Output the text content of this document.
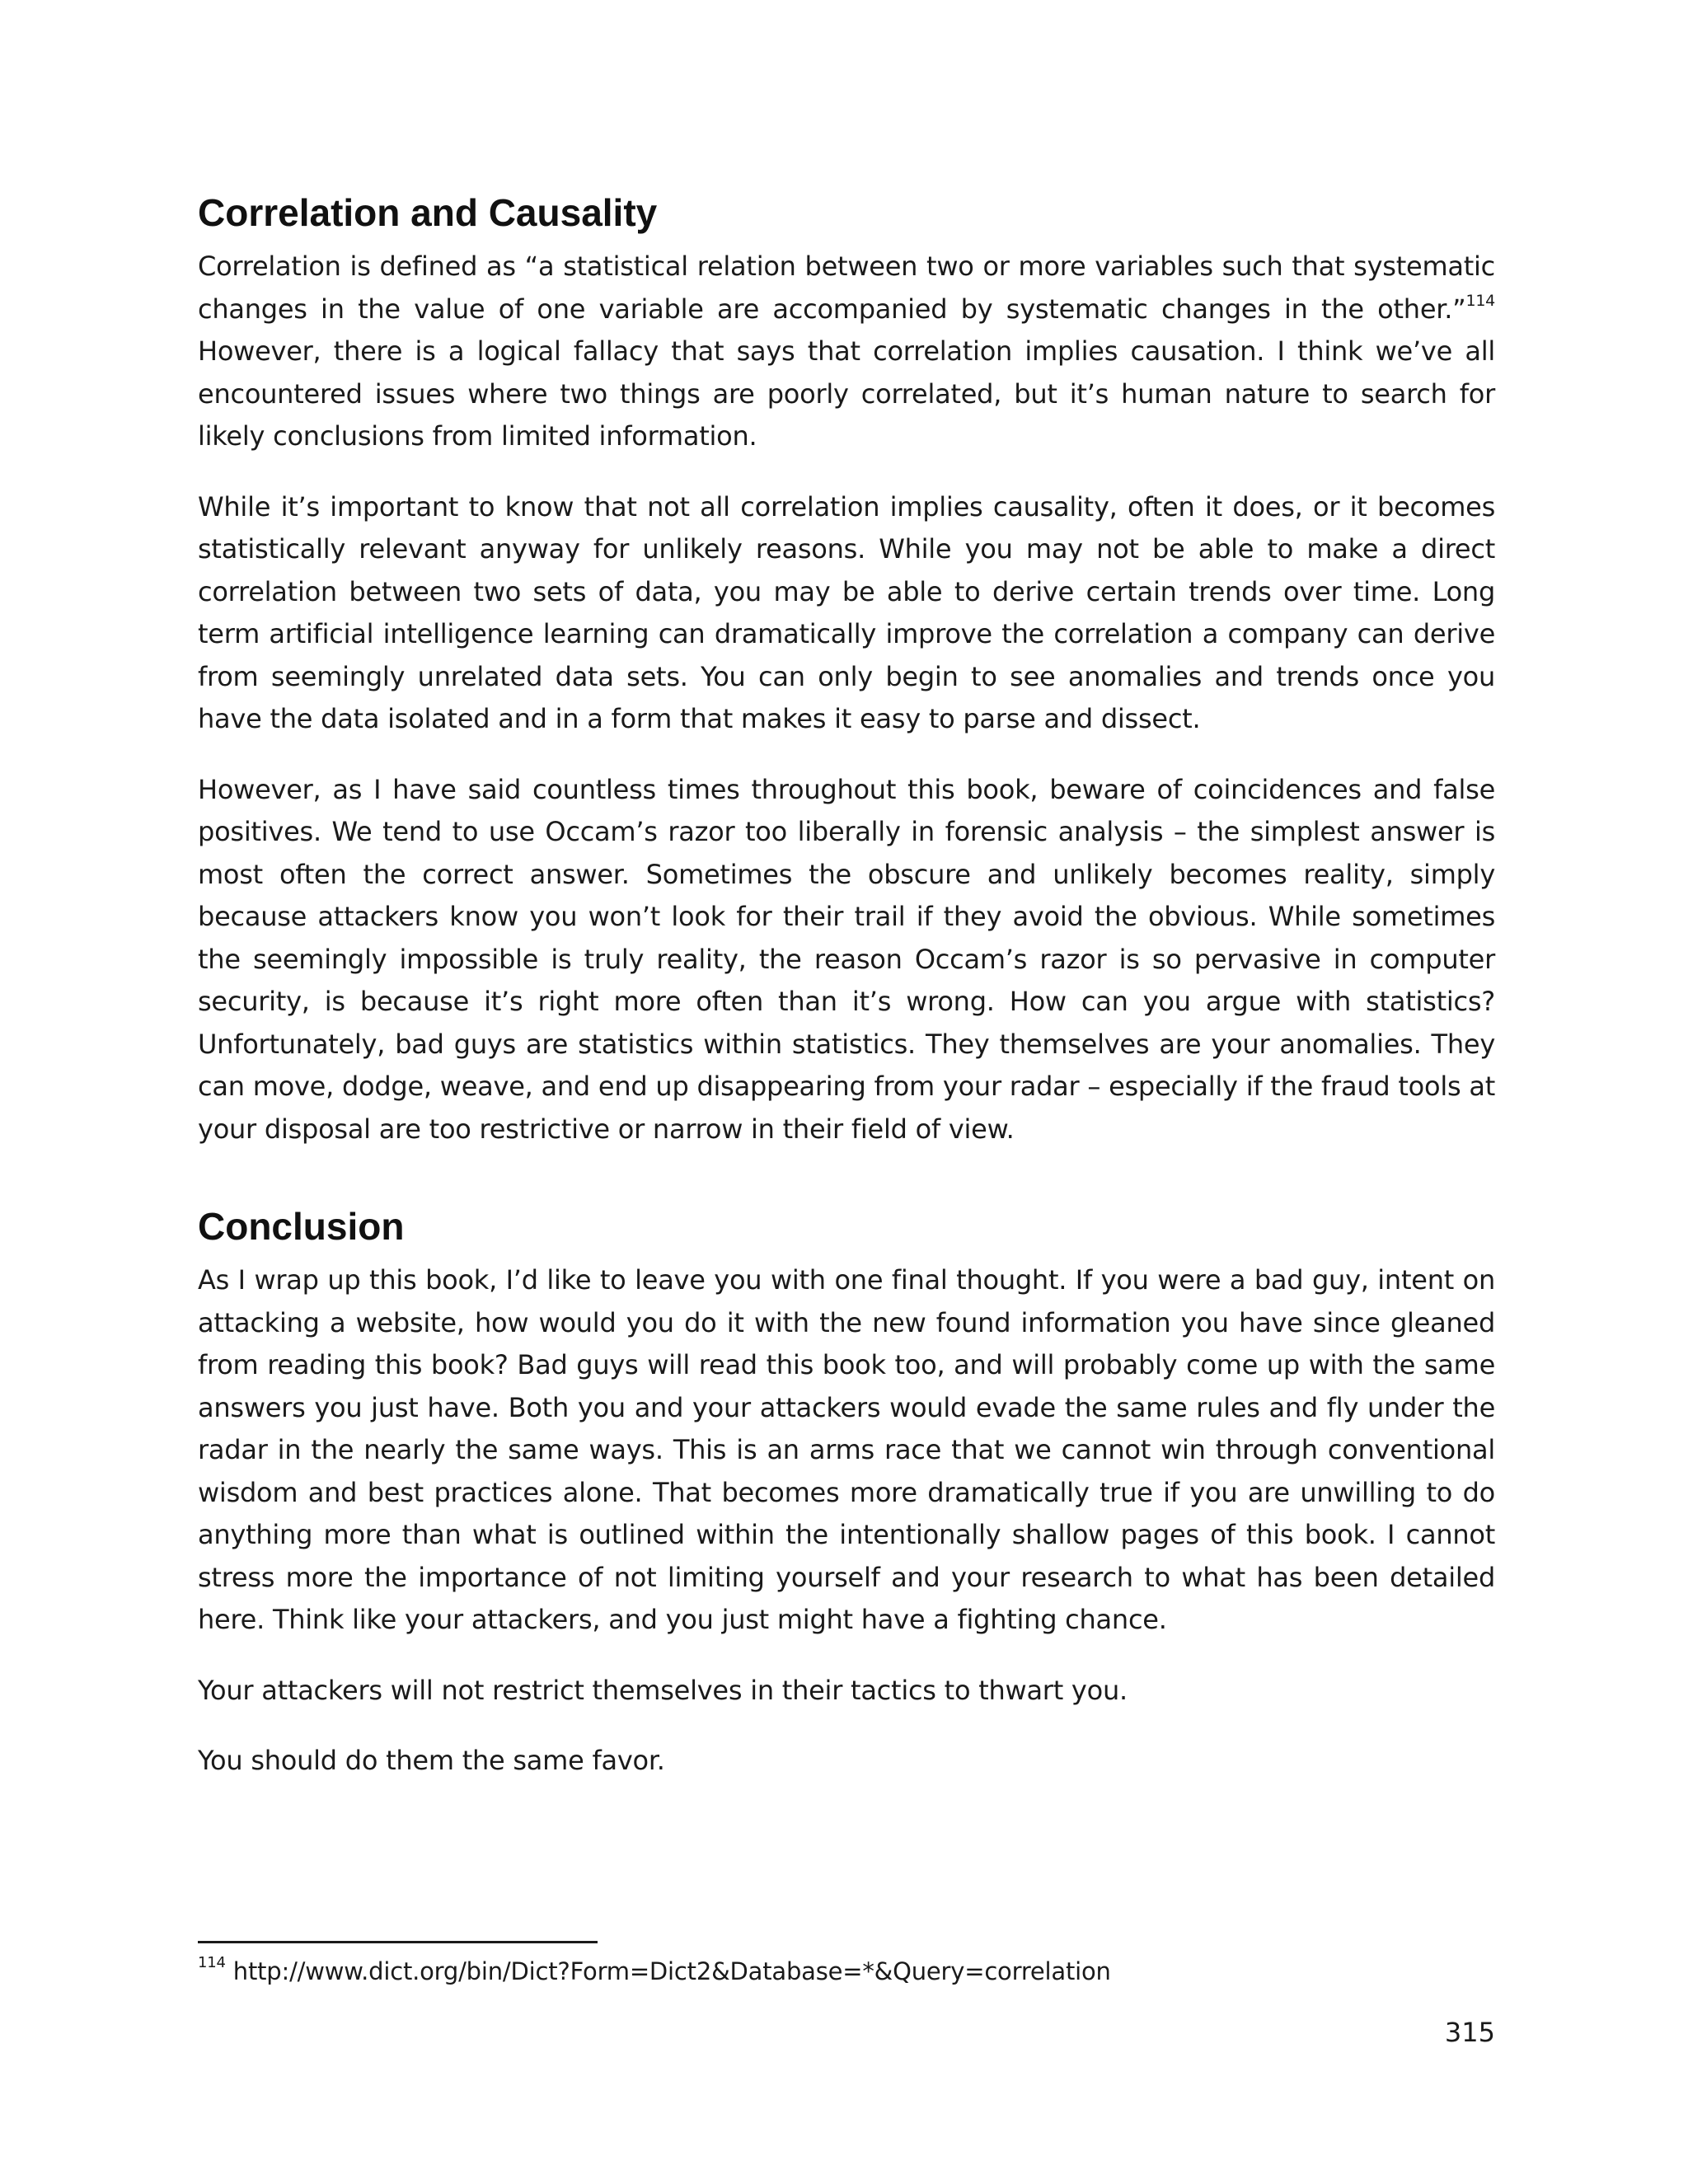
Correlation and Causality

Correlation is defined as “a statistical relation between two or more variables such that systematic changes in the value of one variable are accompanied by systematic changes in the other.”$^{114}$ However, there is a logical fallacy that says that correlation implies causation. I think we’ve all encountered issues where two things are poorly correlated, but it’s human nature to search for likely conclusions from limited information.

While it’s important to know that not all correlation implies causality, often it does, or it becomes statistically relevant anyway for unlikely reasons. While you may not be able to make a direct correlation between two sets of data, you may be able to derive certain trends over time. Long term artificial intelligence learning can dramatically improve the correlation a company can derive from seemingly unrelated data sets. You can only begin to see anomalies and trends once you have the data isolated and in a form that makes it easy to parse and dissect.

However, as I have said countless times throughout this book, beware of coincidences and false positives. We tend to use Occam’s razor too liberally in forensic analysis – the simplest answer is most often the correct answer. Sometimes the obscure and unlikely becomes reality, simply because attackers know you won’t look for their trail if they avoid the obvious. While sometimes the seemingly impossible is truly reality, the reason Occam’s razor is so pervasive in computer security, is because it’s right more often than it’s wrong. How can you argue with statistics? Unfortunately, bad guys are statistics within statistics. They themselves are your anomalies. They can move, dodge, weave, and end up disappearing from your radar – especially if the fraud tools at your disposal are too restrictive or narrow in their field of view.

Conclusion

As I wrap up this book, I’d like to leave you with one final thought. If you were a bad guy, intent on attacking a website, how would you do it with the new found information you have since gleaned from reading this book? Bad guys will read this book too, and will probably come up with the same answers you just have. Both you and your attackers would evade the same rules and fly under the radar in the nearly the same ways. This is an arms race that we cannot win through conventional wisdom and best practices alone. That becomes more dramatically true if you are unwilling to do anything more than what is outlined within the intentionally shallow pages of this book. I cannot stress more the importance of not limiting yourself and your research to what has been detailed here. Think like your attackers, and you just might have a fighting chance.

Your attackers will not restrict themselves in their tactics to thwart you.

You should do them the same favor.

$^{114}$ http://www.dict.org/bin/Dict?Form=Dict2&Database=*&Query=correlation
315
